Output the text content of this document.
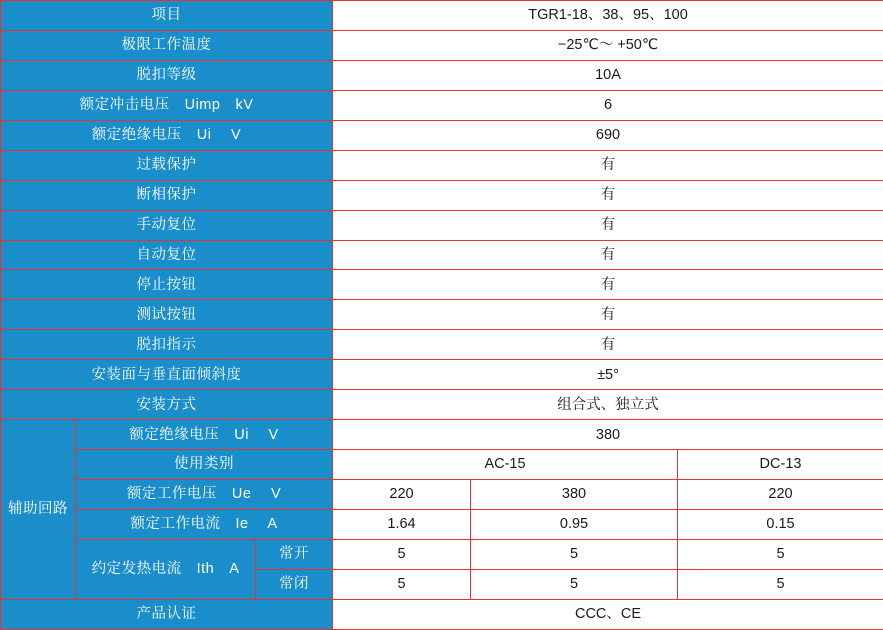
项目			TGR1-18、38、95、100		
极限工作温度			−25℃～ +50℃		
脱扣等级			10A		
额定冲击电压　Uimp　kV			6		
额定绝缘电压　Ui　 V			690		
过载保护			有		
断相保护			有		
手动复位			有		
自动复位			有		
停止按钮			有		
测试按钮			有		
脱扣指示			有		
安装面与垂直面倾斜度			±5°		
安装方式			组合式、独立式		
辅助回路	额定绝缘电压　Ui　 V		380		
	使用类别		AC-15		DC-13
	额定工作电压　Ue　 V		220	380	220
	额定工作电流　Ie　 A		1.64	0.95	0.15
	约定发热电流　Ith　A	常开	5	5	5
		常闭	5	5	5
产品认证			CCC、CE		
